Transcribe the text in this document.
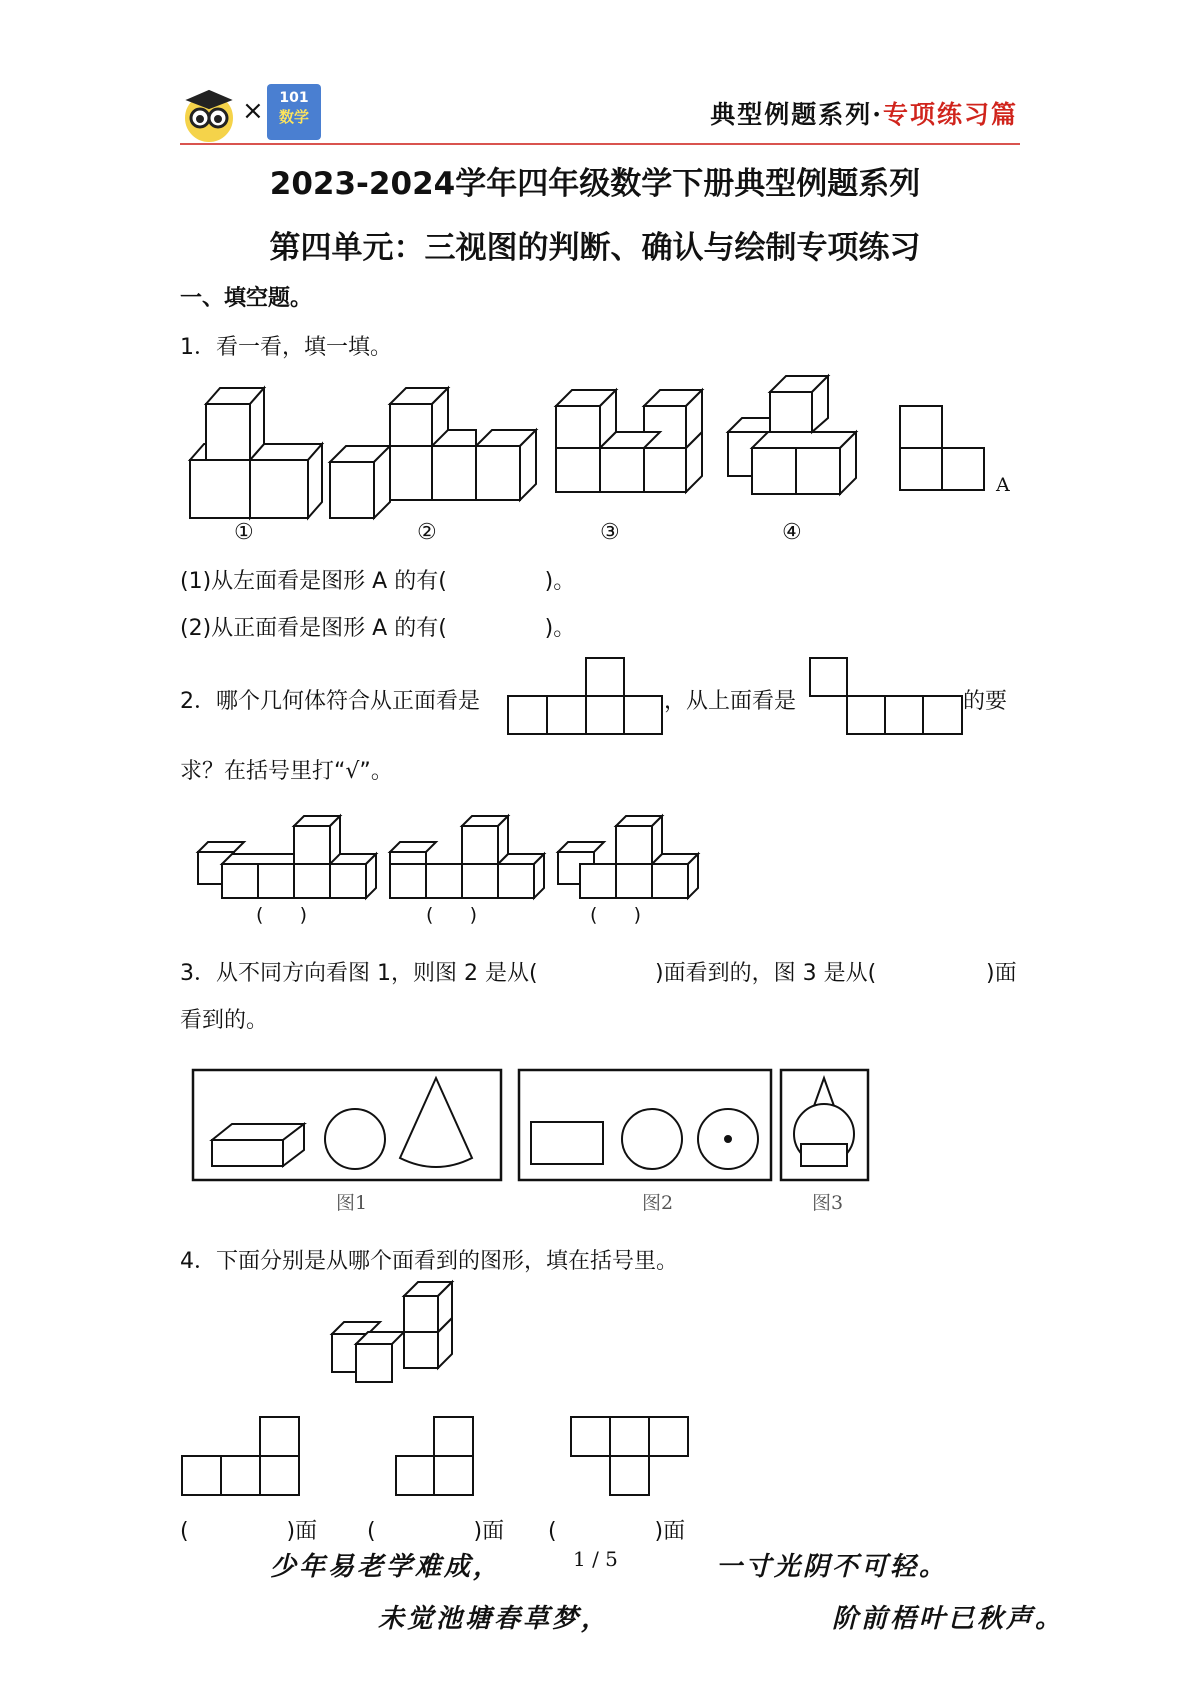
×	101
数学	典型例题系列·专项练习篇
2023-2024学年四年级数学下册典型例题系列
第四单元：三视图的判断、确认与绘制专项练习
一、填空题。
1．看一看，填一填。
A
①	②	③	④
(1)从左面看是图形 A 的有(              )。
(2)从正面看是图形 A 的有(              )。
2．哪个几何体符合从正面看是	，从上面看是	的要
求？在括号里打“√”。
(      )	(      )	(      )
3．从不同方向看图 1，则图 2 是从(	)面看到的，图 3 是从(	)面
看到的。
图1	图2	图3
4．下面分别是从哪个面看到的图形，填在括号里。
(              )面 (              )面 (              )面
少年易老学难成，	1 / 5	一寸光阴不可轻。
未觉池塘春草梦，	阶前梧叶已秋声。
